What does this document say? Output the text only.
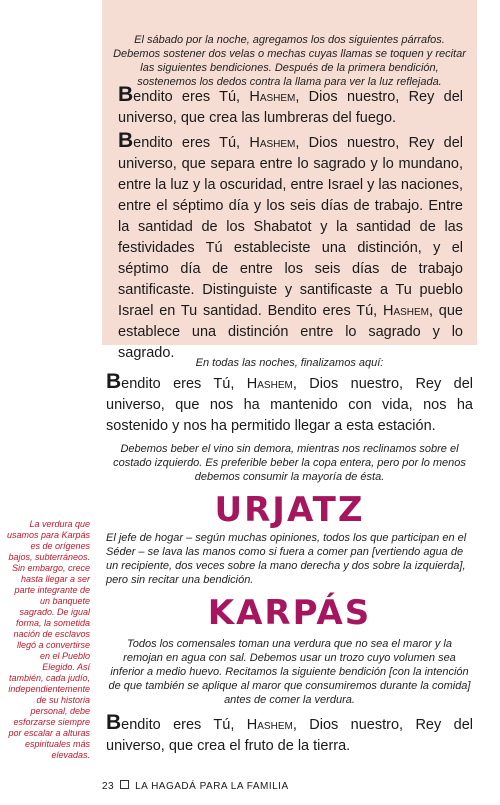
El sábado por la noche, agregamos los dos siguientes párrafos. Debemos sostener dos velas o mechas cuyas llamas se toquen y recitar las siguientes bendiciones. Después de la primera bendición, sostenemos los dedos contra la llama para ver la luz reflejada.

Bendito eres Tú, Hashem, Dios nuestro, Rey del universo, que crea las lumbreras del fuego.

Bendito eres Tú, Hashem, Dios nuestro, Rey del universo, que separa entre lo sagrado y lo mundano, entre la luz y la oscuridad, entre Israel y las naciones, entre el séptimo día y los seis días de trabajo. Entre la santidad de los Shabatot y la santidad de las festividades Tú estableciste una distinción, y el séptimo día de entre los seis días de trabajo santificaste. Distinguiste y santificaste a Tu pueblo Israel en Tu santidad. Bendito eres Tú, Hashem, que establece una distinción entre lo sagrado y lo sagrado.

En todas las noches, finalizamos aquí:

Bendito eres Tú, Hashem, Dios nuestro, Rey del universo, que nos ha mantenido con vida, nos ha sostenido y nos ha permitido llegar a esta estación.

Debemos beber el vino sin demora, mientras nos reclinamos sobre el costado izquierdo. Es preferible beber la copa entera, pero por lo menos debemos consumir la mayoría de ésta.
URJATZ
El jefe de hogar – según muchas opiniones, todos los que participan en el Séder – se lava las manos como si fuera a comer pan [vertiendo agua de un recipiente, dos veces sobre la mano derecha y dos sobre la izquierda], pero sin recitar una bendición.
KARPÁS
Todos los comensales toman una verdura que no sea el maror y la remojan en agua con sal. Debemos usar un trozo cuyo volumen sea inferior a medio huevo. Recitamos la siguiente bendición [con la intención de que también se aplique al maror que consumiremos durante la comida] antes de comer la verdura.

Bendito eres Tú, Hashem, Dios nuestro, Rey del universo, que crea el fruto de la tierra.

La verdura que usamos para Karpás es de orígenes bajos, subterráneos. Sin embargo, crece hasta llegar a ser parte integrante de un banquete sagrado. De igual forma, la sometida nación de esclavos llegó a convertirse en el Pueblo Elegido. Así también, cada judío, independientemente de su historia personal, debe esforzarse siempre por escalar a alturas espirituales más elevadas.
23 LA HAGADÁ PARA LA FAMILIA
